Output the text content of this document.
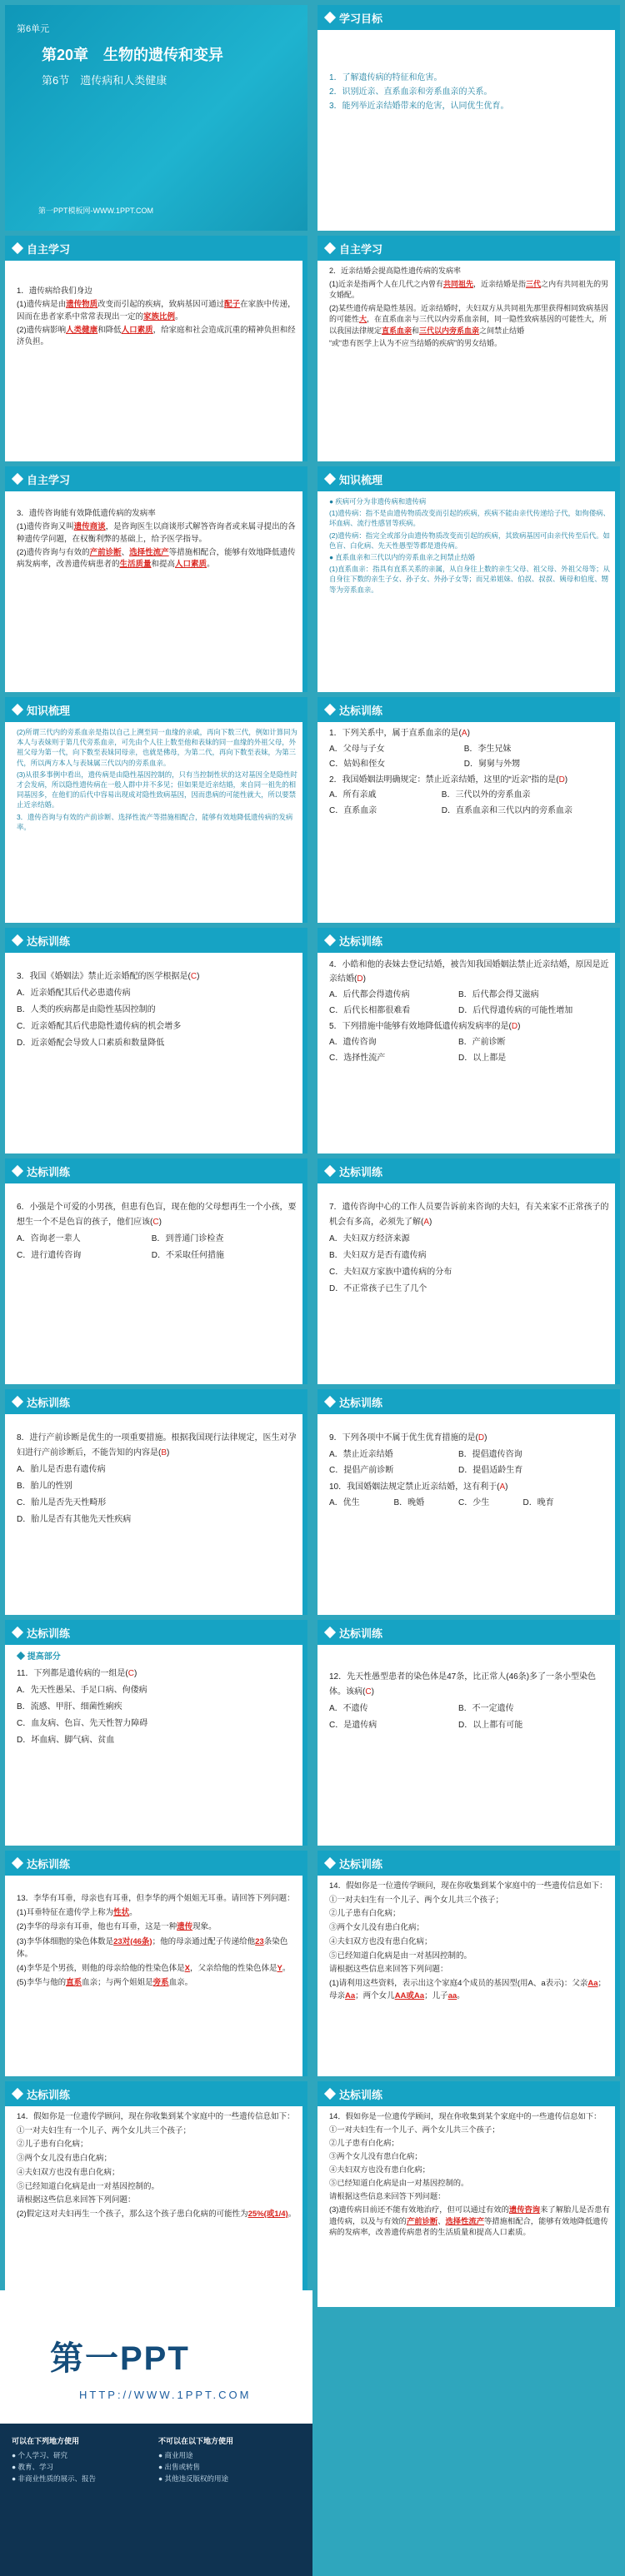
第6单元

第20章　生物的遗传和变异

第6节　遗传病和人类健康

第一PPT模板网-WWW.1PPT.COM
学习目标

1．了解遗传病的特征和危害。

2．识别近亲、直系血亲和旁系血亲的关系。

3．能列举近亲结婚带来的危害，认同优生优育。

自主学习

1．遗传病给我们身边

(1)遗传病是由遗传物质改变而引起的疾病，致病基因可通过配子在家族中传递，因而在患者家系中常常表现出一定的家族比例。

(2)遗传病影响人类健康和降低人口素质，给家庭和社会造成沉重的精神负担和经济负担。

自主学习

2．近亲结婚会提高隐性遗传病的发病率

(1)近亲是指两个人在几代之内曾有共同祖先，近亲结婚是指三代之内有共同祖先的男女婚配。

(2)某些遗传病是隐性基因。近亲结婚时，夫妇双方从共同祖先那里获得相同致病基因的可能性大，在直系血亲与三代以内旁系血亲间，同一隐性致病基因的可能性大，所以我国法律规定直系血亲和三代以内旁系血亲之间禁止结婚

“或“患有医学上认为不应当结婚的疾病”的男女结婚。

自主学习

3．遗传咨询能有效降低遗传病的发病率

(1)遗传咨询又叫遗传商谈，是咨询医生以商谈形式解答咨询者或来属寻提出的各种遗传学问题，在权衡利弊的基础上，给予医学指导。

(2)遗传咨询与有效的产前诊断、选择性流产等措施相配合，能够有效地降低遗传病发病率，改善遗传病患者的生活质量和提高人口素质。

知识梳理

● 疾病可分为非遗传病和遗传病

(1)遗传病：指不是由遗传物质改变而引起的疾病，疾病不能由亲代传递给子代，如佝偻病、坏血病、流行性感冒等疾病。

(2)遗传病：指完全或部分由遗传物质改变而引起的疾病，其致病基因可由亲代传至后代。如色盲、白化病、先天性愚型等都是遗传病。

● 直系血亲和三代以内的旁系血亲之间禁止结婚

(1)直系血亲：指具有直系关系的亲属，从自身往上数的亲生父母、祖父母、外祖父母等；从自身往下数的亲生子女、孙子女、外孙子女等；而兄弟姐妹、伯叔、叔叔、姨母和伯度、甥等为旁系血亲。

知识梳理

(2)所谓三代内的旁系血亲是指以自己上溯至同一血缘的亲戚，再向下数三代，例如计算同为本人与表妹则于第几代旁系血亲，可先由个人往上数至他和表妹的同一血缘的外祖父母，外祖父母为第一代，向下数至表妹同母亲，也就是佛母，为第二代，再向下数至表妹，为第三代，所以两方本人与表妹属三代以内的旁系血亲。

(3)从很多事例中看出，遗传病是由隐性基因控制的，只有当控制性状的这对基因全是隐性时才会发病，所以隐性遗传病在一般人群中并不多见；但如果是近亲结婚，来自同一祖先的相同基因多，在他们的后代中容易出现成对隐性致病基因，因而患病的可能性就大，所以要禁止近亲结婚。

3．遗传咨询与有效的产前诊断、选择性流产等措施相配合，能够有效地降低遗传病的发病率。

达标训练

1．下列关系中，属于直系血亲的是(A)

A．父母与子女	B．李生兄妹

C．姑妈和侄女	D．舅舅与外甥

2．我国婚姻法明确规定：禁止近亲结婚，这里的“近亲”指的是(D)

A．所有亲戚	B．三代以外的旁系血亲

C．直系血亲	D．直系血亲和三代以内的旁系血亲

达标训练

3．我国《婚姻法》禁止近亲婚配的医学根据是(C)

A．近亲婚配其后代必患遗传病

B．人类的疾病都是由隐性基因控制的

C．近亲婚配其后代患隐性遗传病的机会增多

D．近亲婚配会导致人口素质和数量降低

达标训练

4．小皓和他的表妹去登记结婚，被告知我国婚姻法禁止近亲结婚，原因是近亲结婚(D)

A．后代都会得遗传病	B．后代都会得艾滋病

C．后代长相都很难看	D．后代得遗传病的可能性增加

5．下列措施中能够有效地降低遗传病发病率的是(D)

A．遗传咨询	B．产前诊断

C．选择性流产	D．以上都是

达标训练

6．小强是个可爱的小男孩，但患有色盲，现在他的父母想再生一个小孩，要想生一个不是色盲的孩子，他们应该(C)

A．咨询老一辈人	B．到普通门诊检查

C．进行遗传咨询	D．不采取任何措施

达标训练

7．遗传咨询中心的工作人员要告诉前来咨询的夫妇，有关来家不正常孩子的机会有多高，必须先了解(A)

A．夫妇双方经济来源

B．夫妇双方是否有遗传病

C．夫妇双方家族中遗传病的分布

D．不正常孩子已生了几个

达标训练

8．进行产前诊断是优生的一项重要措施。根据我国现行法律规定，医生对孕妇进行产前诊断后，不能告知的内容是(B)

A．胎儿是否患有遗传病

B．胎儿的性别

C．胎儿是否先天性畸形

D．胎儿是否有其他先天性疾病

达标训练

9．下列各项中不属于优生优育措施的是(D)

A．禁止近亲结婚	B．提倡遗传咨询

C．提倡产前诊断	D．提倡适龄生育

10．我国婚姻法规定禁止近亲结婚，这有利于(A)

A．优生	B．晚婚	C．少生	D．晚育

达标训练

◆ 提高部分

11．下列都是遗传病的一组是(C)

A．先天性愚呆、手足口病、佝偻病

B．流感、甲肝、细菌性痢疾

C．血友病、色盲、先天性智力障碍

D．坏血病、脚气病、贫血

达标训练

12．先天性愚型患者的染色体是47条，比正常人(46条)多了一条小型染色体。该病(C)

A．不遗传	B．不一定遗传

C．是遗传病	D．以上都有可能

达标训练

13．李华有耳垂，母亲也有耳垂，但李华的两个姐姐无耳垂。请回答下列问题：

(1)耳垂特征在遗传学上称为性状。

(2)李华的母亲有耳垂，他也有耳垂，这是一种遗传现象。

(3)李华体细胞的染色体数是23对(46条)；他的母亲通过配子传递给他23条染色体。

(4)李华是个男孩，则他的母亲给他的性染色体是X，父亲给他的性染色体是Y。

(5)李华与他的直系血亲；与两个姐姐是旁系血亲。

达标训练

14．假如你是一位遗传学顾问，现在你收集到某个家庭中的一些遗传信息如下：

①一对夫妇生有一个儿子、两个女儿共三个孩子；

②儿子患有白化病；

③两个女儿没有患白化病；

④夫妇双方也没有患白化病；

⑤已经知道白化病是由一对基因控制的。

请根据这些信息来回答下列问题：

(1)请利用这些资料，表示出这个家庭4个成员的基因型(用A、a表示)：父亲Aa；母亲Aa；两个女儿AA或Aa；儿子aa。

达标训练

14．假如你是一位遗传学顾问，现在你收集到某个家庭中的一些遗传信息如下：

①一对夫妇生有一个儿子、两个女儿共三个孩子；

②儿子患有白化病；

③两个女儿没有患白化病；

④夫妇双方也没有患白化病；

⑤已经知道白化病是由一对基因控制的。

请根据这些信息来回答下列问题：

(2)假定这对夫妇再生一个孩子，那么这个孩子患白化病的可能性为25%(或1/4)。

达标训练

14．假如你是一位遗传学顾问，现在你收集到某个家庭中的一些遗传信息如下：

①一对夫妇生有一个儿子、两个女儿共三个孩子；

②儿子患有白化病；

③两个女儿没有患白化病；

④夫妇双方也没有患白化病；

⑤已经知道白化病是由一对基因控制的。

请根据这些信息来回答下列问题：

(3)遗传病目前还不能有效地治疗，但可以通过有效的遗传咨询来了解胎儿是否患有遗传病，以及与有效的产前诊断、选择性流产等措施相配合，能够有效地降低遗传病的发病率，改善遗传病患者的生活质量和提高人口素质。

第一PPT
HTTP://WWW.1PPT.COM
可以在下列地方使用

● 个人学习、研究

● 教育、学习

● 非商业性质的展示、报告

不可以在以下地方使用

● 商业用途

● 出售或转售

● 其他违反版权的用途
